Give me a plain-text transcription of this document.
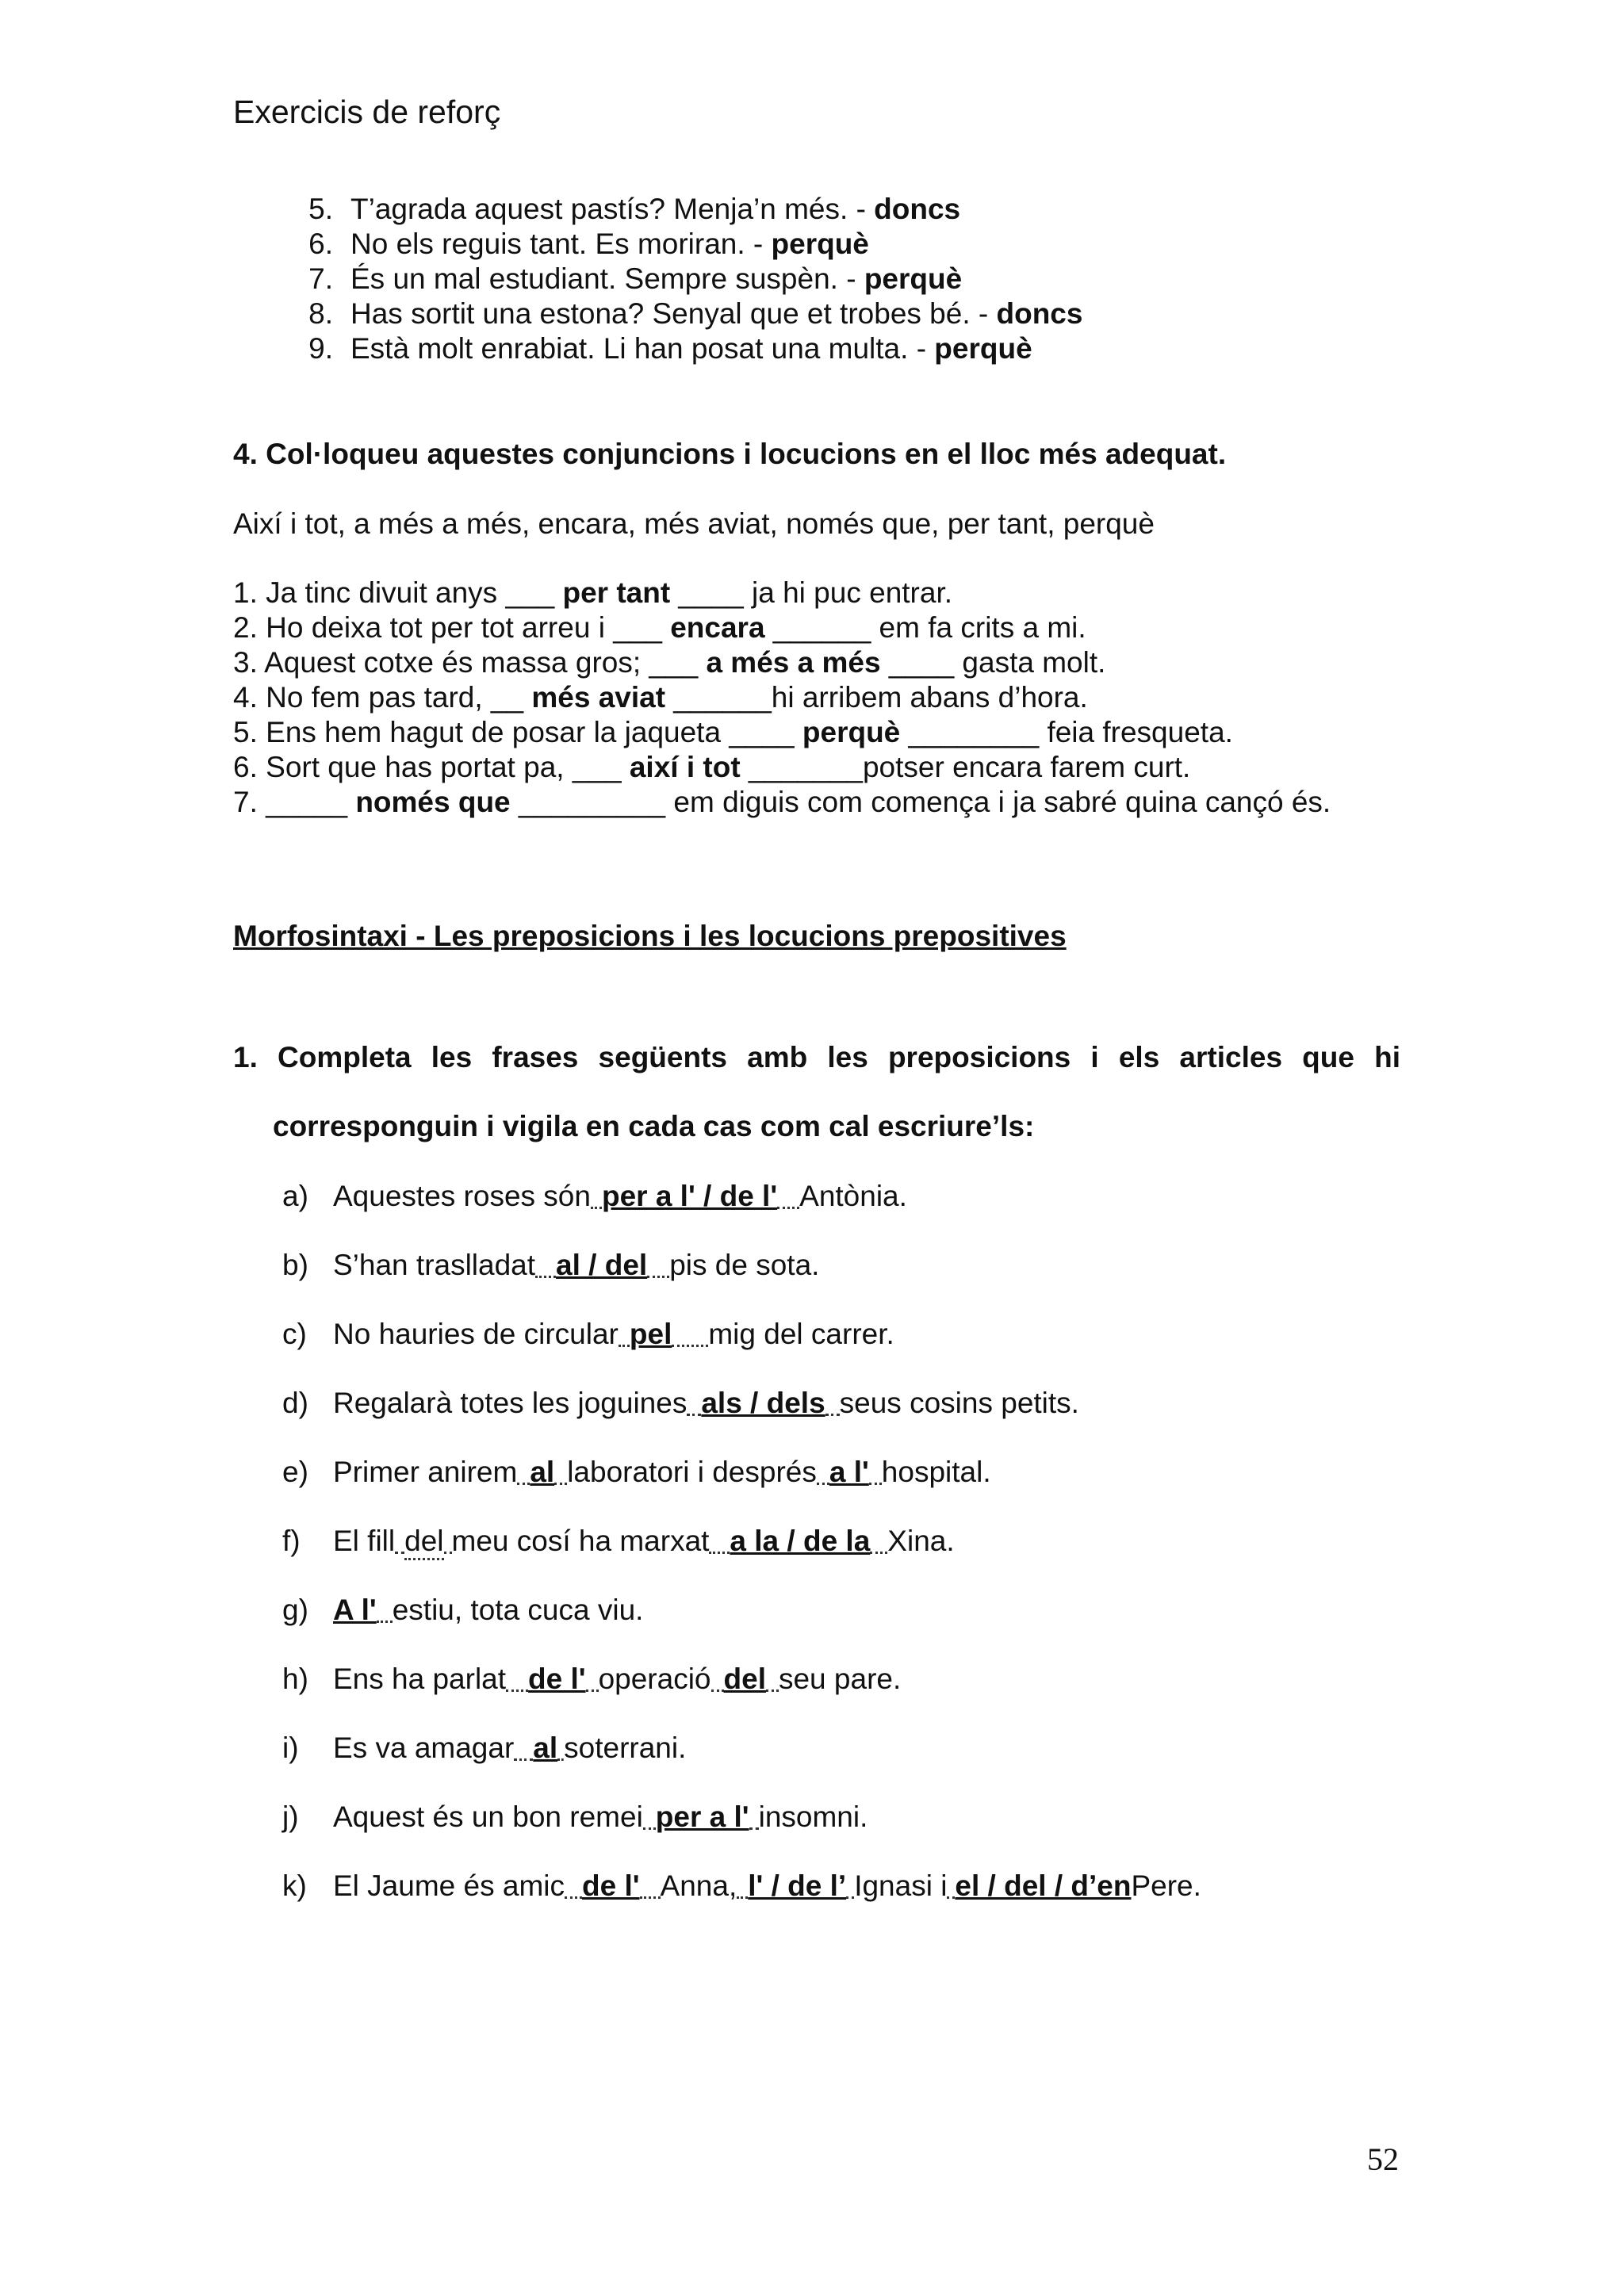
Exercicis de reforç
5. T’agrada aquest pastís? Menja’n més. - doncs
6. No els reguis tant. Es moriran. - perquè
7. És un mal estudiant. Sempre suspèn. - perquè
8. Has sortit una estona? Senyal que et trobes bé. - doncs
9. Està molt enrabiat. Li han posat una multa. - perquè
4. Col·loqueu aquestes conjuncions i locucions en el lloc més adequat.
Així i tot, a més a més, encara, més aviat, només que, per tant, perquè
1. Ja tinc divuit anys ___ per tant ____ ja hi puc entrar.
2. Ho deixa tot per tot arreu i ___ encara ______ em fa crits a mi.
3. Aquest cotxe és massa gros; ___ a més a més ____ gasta molt.
4. No fem pas tard, __ més aviat ______hi arribem abans d’hora.
5. Ens hem hagut de posar la jaqueta ____ perquè ________ feia fresqueta.
6. Sort que has portat pa, ___ així i tot _______potser encara farem curt.
7. _____ només que _________ em diguis com comença i ja sabré quina cançó és.
Morfosintaxi - Les preposicions i les locucions prepositives
1. Completa les frases següents amb les preposicions i els articles que hi
corresponguin i vigila en cada cas com cal escriure’ls:
a) Aquestes roses són per a l' / de l' Antònia.
b) S’han traslladat al / del pis de sota.
c) No hauries de circular pel mig del carrer.
d) Regalarà totes les joguines als / dels seus cosins petits.
e) Primer anirem al laboratori i després a l' hospital.
f)	El fill del meu cosí ha marxat a la / de la Xina.
g) A l' estiu, tota cuca viu.
h) Ens ha parlat de l' operació del seu pare.
i)	Es va amagar al soterrani.
j)	Aquest és un bon remei per a l' insomni.
k) El Jaume és amic de l' Anna, l' / de l’ Ignasi i el / del / d’en Pere.
52
